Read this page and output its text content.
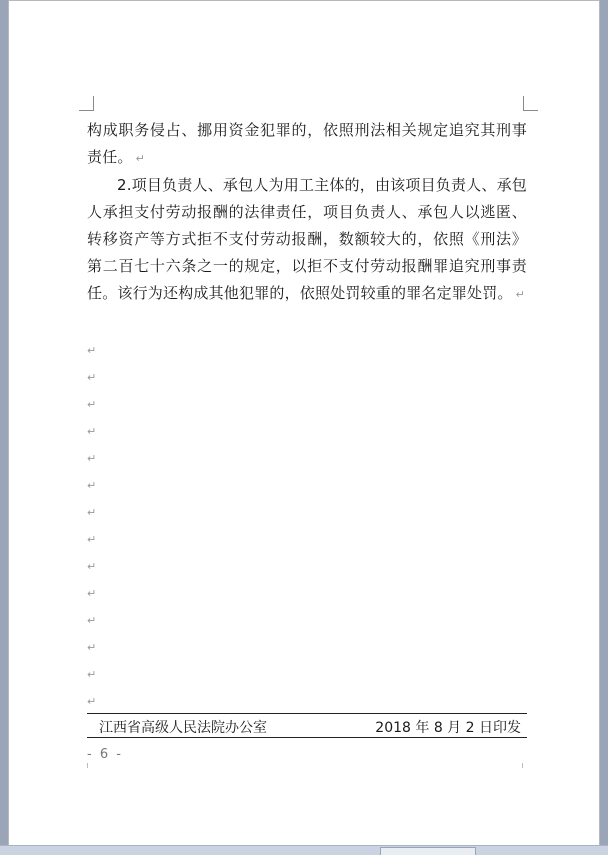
构成职务侵占、挪用资金犯罪的，依照刑法相关规定追究其刑事责任。 ↵

2.项目负责人、承包人为用工主体的，由该项目负责人、承包人承担支付劳动报酬的法律责任，项目负责人、承包人以逃匿、转移资产等方式拒不支付劳动报酬，数额较大的，依照《刑法》第二百七十六条之一的规定，以拒不支付劳动报酬罪追究刑事责任。该行为还构成其他犯罪的，依照处罚较重的罪名定罪处罚。 ↵

↵
↵
↵
↵
↵
↵
↵
↵
↵
↵
↵
↵
↵
↵
江西省高级人民法院办公室	2018 年 8 月 2 日印发
- 6 -
